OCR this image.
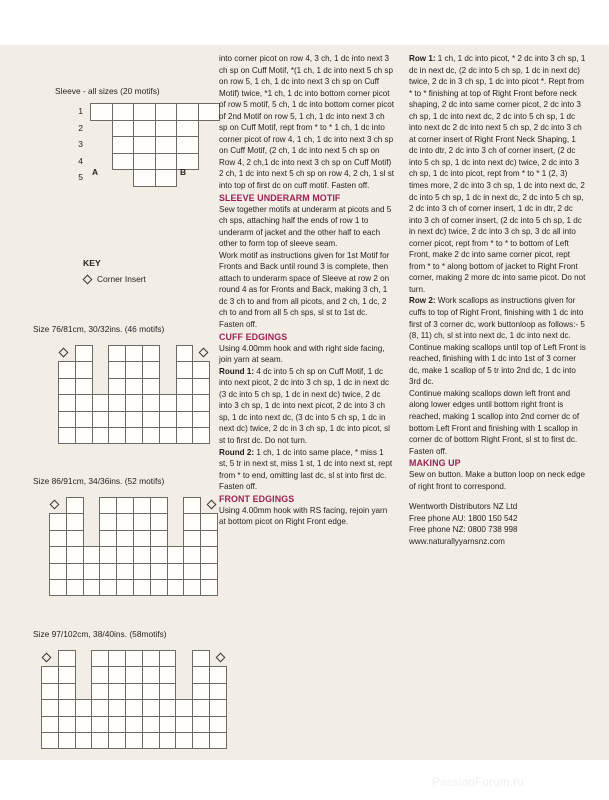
Sleeve - all sizes (20 motifs)
1
2
3
4
5
A	B
KEY
Corner Insert
Size 76/81cm, 30/32ins. (46 motifs)
Size 86/91cm, 34/36ins. (52 motifs)
Size 97/102cm, 38/40ins. (58motifs)

into corner picot on row 4, 3 ch, 1 dc into next 3 ch sp on Cuff Motif, *(1 ch, 1 dc into next 5 ch sp on row 5, 1 ch, 1 dc into next 3 ch sp on Cuff Motif) twice, *1 ch, 1 dc into bottom corner picot of row 5 motif, 5 ch, 1 dc into bottom corner picot of 2nd Motif on row 5, 1 ch, 1 dc into next 3 ch sp on Cuff Motif, rept from * to * 1 ch, 1 dc into corner picot of row 4, 1 ch, 1 dc into next 3 ch sp on Cuff Motif, (2 ch, 1 dc into next 5 ch sp on Row 4, 2 ch,1 dc into next 3 ch sp on Cuff Motif) 2 ch, 1 dc into next 5 ch sp on row 4, 2 ch, 1 sl st into top of first dc on cuff motif. Fasten off.

SLEEVE UNDERARM MOTIF

Sew together motifs at underarm at picots and 5 ch sps, attaching half the ends of row 1 to underarm of jacket and the other half to each other to form top of sleeve seam.

Work motif as instructions given for 1st Motif for Fronts and Back until round 3 is complete, then attach to underarm space of Sleeve at row 2 on round 4 as for Fronts and Back, making 3 ch, 1 dc 3 ch to and from all picots, and 2 ch, 1 dc, 2 ch to and from all 5 ch sps, sl st to 1st dc. Fasten off.

CUFF EDGINGS

Using 4.00mm hook and with right side facing, join yarn at seam.

Round 1: 4 dc into 5 ch sp on Cuff Motif, 1 dc into next picot, 2 dc into 3 ch sp, 1 dc in next dc (3 dc into 5 ch sp, 1 dc in next dc) twice, 2 dc into 3 ch sp, 1 dc into next picot, 2 dc into 3 ch sp, 1 dc into next dc, (3 dc into 5 ch sp, 1 dc in next dc) twice, 2 dc in 3 ch sp, 1 dc into picot, sl st to first dc. Do not turn.

Round 2: 1 ch, 1 dc into same place, * miss 1 st, 5 tr in next st, miss 1 st, 1 dc into next st, rept from * to end, omitting last dc, sl st into first dc. Fasten off.

FRONT EDGINGS

Using 4.00mm hook with RS facing, rejoin yarn at bottom picot on Right Front edge.

Row 1: 1 ch, 1 dc into picot, * 2 dc into 3 ch sp, 1 dc in next dc, (2 dc into 5 ch sp, 1 dc in next dc) twice, 2 dc in 3 ch sp, 1 dc into picot *. Rept from * to * finishing at top of Right Front before neck shaping, 2 dc into same corner picot, 2 dc into 3 ch sp, 1 dc into next dc, 2 dc into 5 ch sp, 1 dc into next dc 2 dc into next 5 ch sp, 2 dc into 3 ch at corner insert of Right Front Neck Shaping, 1 dc into dtr, 2 dc into 3 ch of corner insert, (2 dc into 5 ch sp, 1 dc into next dc) twice, 2 dc into 3 ch sp, 1 dc into picot, rept from * to * 1 (2, 3) times more, 2 dc into 3 ch sp, 1 dc into next dc, 2 dc into 5 ch sp, 1 dc in next dc, 2 dc into 5 ch sp, 2 dc into 3 ch of corner insert, 1 dc in dtr, 2 dc into 3 ch of corner insert, (2 dc into 5 ch sp, 1 dc in next dc) twice, 2 dc into 3 ch sp, 3 dc all into corner picot, rept from * to * to bottom of Left Front, make 2 dc into same corner picot, rept from * to * along bottom of jacket to Right Front corner, making 2 more dc into same picot. Do not turn.

Row 2: Work scallops as instructions given for cuffs to top of Right Front, finishing with 1 dc into first of 3 corner dc, work buttonloop as follows:- 5 (8, 11) ch, sl st into next dc, 1 dc into next dc.

Continue making scallops until top of Left Front is reached, finishing with 1 dc into 1st of 3 corner dc, make 1 scallop of 5 tr into 2nd dc, 1 dc into 3rd dc.

Continue making scallops down left front and along lower edges until bottom right front is reached, making 1 scallop into 2nd corner dc of bottom Left Front and finishing with 1 scallop in corner dc of bottom Right Front, sl st to first dc.

Fasten off.

MAKING UP

Sew on button. Make a button loop on neck edge of right front to correspond.

Wentworth Distributors NZ Ltd

Free phone AU: 1800 150 542

Free phone NZ: 0800 738 998

www.naturallyyarnsnz.com

PassionForum.ru
